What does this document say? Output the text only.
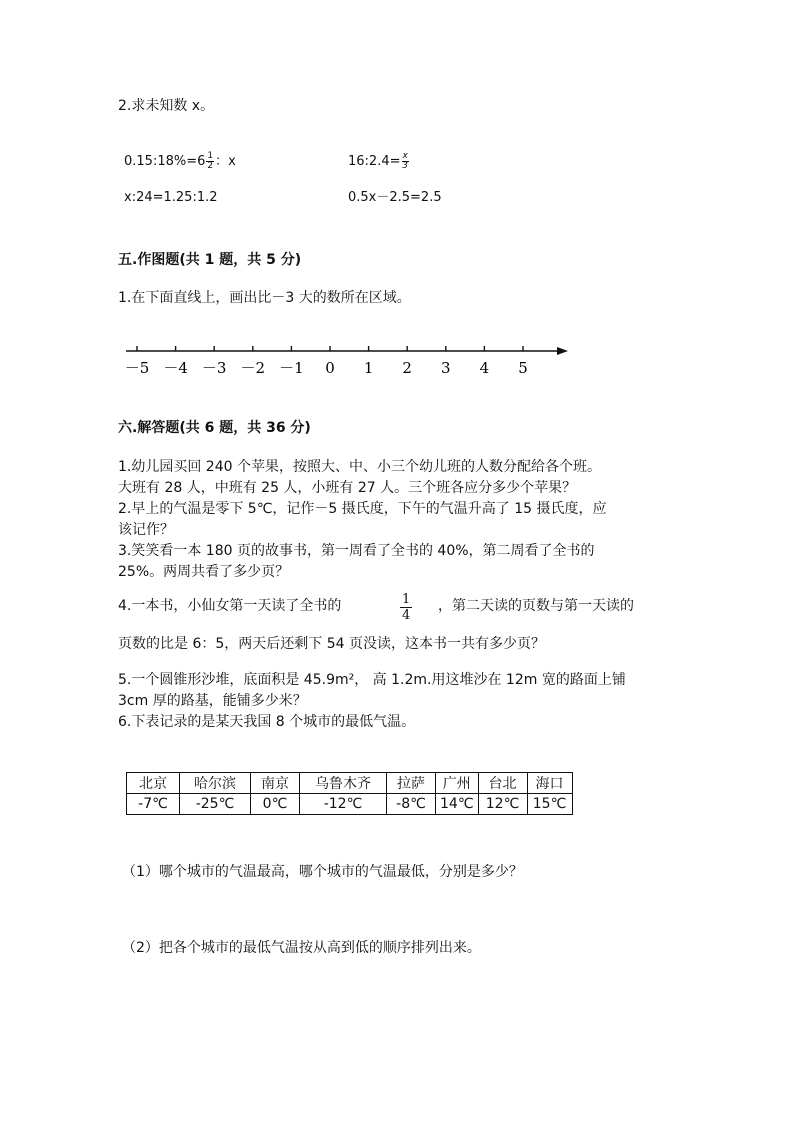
2.求未知数 x。
0.15:18%=6 $\frac{1}{2}$ ：x	16:2.4= $\frac{x}{3}$
x:24=1.25:1.2	0.5x－2.5=2.5
五.作图题(共 1 题，共 5 分)
1.在下面直线上，画出比－3 大的数所在区域。
－5 －4 －3 －2 －1 0 1 2 3 4 5
六.解答题(共 6 题，共 36 分)
1.幼儿园买回 240 个苹果，按照大、中、小三个幼儿班的人数分配给各个班。
大班有 28 人，中班有 25 人，小班有 27 人。三个班各应分多少个苹果？
2.早上的气温是零下 5℃，记作－5 摄氏度，下午的气温升高了 15 摄氏度，应
该记作？
3.笑笑看一本 180 页的故事书，第一周看了全书的 40%，第二周看了全书的
25%。两周共看了多少页？
4.一本书，小仙女第一天读了全书的	$\frac{1}{4}$ ，第二天读的页数与第一天读的
页数的比是 6：5，两天后还剩下 54 页没读，这本书一共有多少页？
5.一个圆锥形沙堆，底面积是 45.9m²， 高 1.2m.用这堆沙在 12m 宽的路面上铺
3cm 厚的路基，能铺多少米？
6.下表记录的是某天我国 8 个城市的最低气温。
北京	哈尔滨	南京	乌鲁木齐	拉萨	广州	台北	海口
-7℃	-25℃	0℃	-12℃	-8℃	14℃	12℃	15℃
（1）哪个城市的气温最高，哪个城市的气温最低，分别是多少？
（2）把各个城市的最低气温按从高到低的顺序排列出来。
